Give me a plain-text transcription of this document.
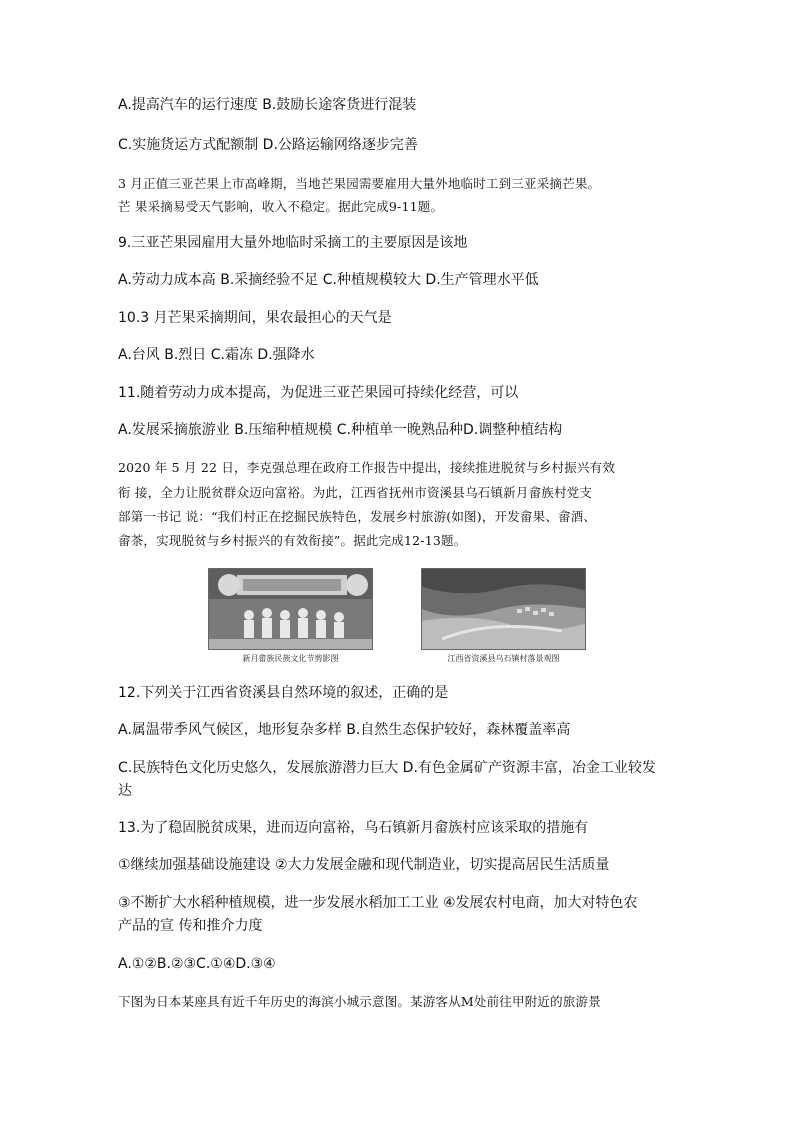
A.提高汽车的运行速度 B.鼓励长途客货进行混装
C.实施货运方式配额制 D.公路运输网络逐步完善
3 月正值三亚芒果上市高峰期，当地芒果园需要雇用大量外地临时工到三亚采摘芒果。
芒 果采摘易受天气影响，收入不稳定。据此完成9-11题。
9.三亚芒果园雇用大量外地临时采摘工的主要原因是该地
A.劳动力成本高 B.采摘经验不足 C.种植规模较大 D.生产管理水平低
10.3 月芒果采摘期间，果农最担心的天气是
A.台风 B.烈日 C.霜冻 D.强降水
11.随着劳动力成本提高，为促进三亚芒果园可持续化经营，可以
A.发展采摘旅游业 B.压缩种植规模 C.种植单一晚熟品种D.调整种植结构
2020 年 5 月 22 日，李克强总理在政府工作报告中提出，接续推进脱贫与乡村振兴有效
衔 接，全力让脱贫群众迈向富裕。为此，江西省抚州市资溪县乌石镇新月畲族村党支
部第一书记 说：“我们村正在挖掘民族特色，发展乡村旅游(如图)，开发畲果、畲酒、
畲茶，实现脱贫与乡村振兴的有效衔接”。据此完成12-13题。
新月畲族民族文化节剪影图	江西省资溪县乌石镇村落景观图
12.下列关于江西省资溪县自然环境的叙述，正确的是
A.属温带季风气候区，地形复杂多样 B.自然生态保护较好，森林覆盖率高
C.民族特色文化历史悠久，发展旅游潜力巨大 D.有色金属矿产资源丰富，冶金工业较发
达
13.为了稳固脱贫成果，进而迈向富裕，乌石镇新月畲族村应该采取的措施有
①继续加强基础设施建设 ②大力发展金融和现代制造业，切实提高居民生活质量
③不断扩大水稻种植规模，进一步发展水稻加工工业 ④发展农村电商，加大对特色农
产品的宣 传和推介力度
A.①②B.②③C.①④D.③④
下图为日本某座具有近千年历史的海滨小城示意图。某游客从M处前往甲附近的旅游景
